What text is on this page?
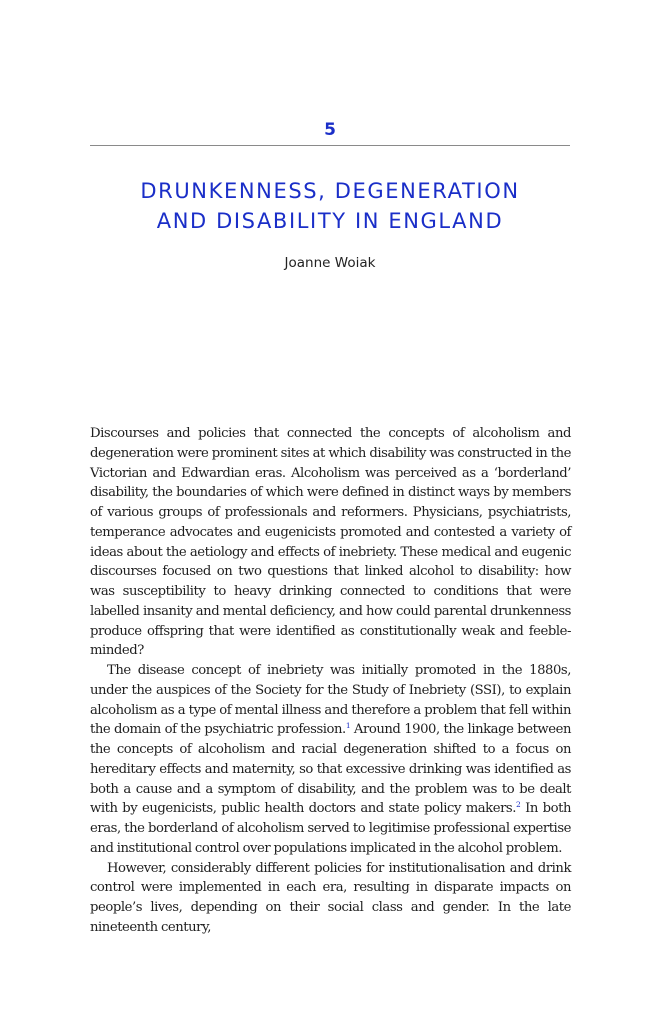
5
DRUNKENNESS, DEGENERATION
AND DISABILITY IN ENGLAND
Joanne Woiak

Discourses and policies that connected the concepts of alcoholism and degeneration were prominent sites at which disability was constructed in the Victorian and Edwardian eras. Alcoholism was perceived as a ‘borderland’ disability, the boundaries of which were defined in distinct ways by members of various groups of professionals and reformers. Physicians, psychiatrists, temperance advocates and eugenicists promoted and contested a variety of ideas about the aetiology and effects of inebriety. These medical and eugenic discourses focused on two questions that linked alcohol to disability: how was susceptibility to heavy drinking connected to conditions that were labelled insanity and mental deficiency, and how could parental drunkenness produce offspring that were identified as constitutionally weak and feeble-minded?

The disease concept of inebriety was initially promoted in the 1880s, under the auspices of the Society for the Study of Inebriety (SSI), to explain alcoholism as a type of mental illness and therefore a problem that fell within the domain of the psychiatric profession.$^1$ Around 1900, the linkage between the concepts of alcoholism and racial degeneration shifted to a focus on hereditary effects and maternity, so that excessive drinking was identified as both a cause and a symptom of disability, and the problem was to be dealt with by eugenicists, public health doctors and state policy makers.$^2$ In both eras, the borderland of alcoholism served to legitimise professional expertise and institutional control over populations implicated in the alcohol problem.

However, considerably different policies for institutionalisation and drink control were implemented in each era, resulting in disparate impacts on people’s lives, depending on their social class and gender. In the late nineteenth century,
